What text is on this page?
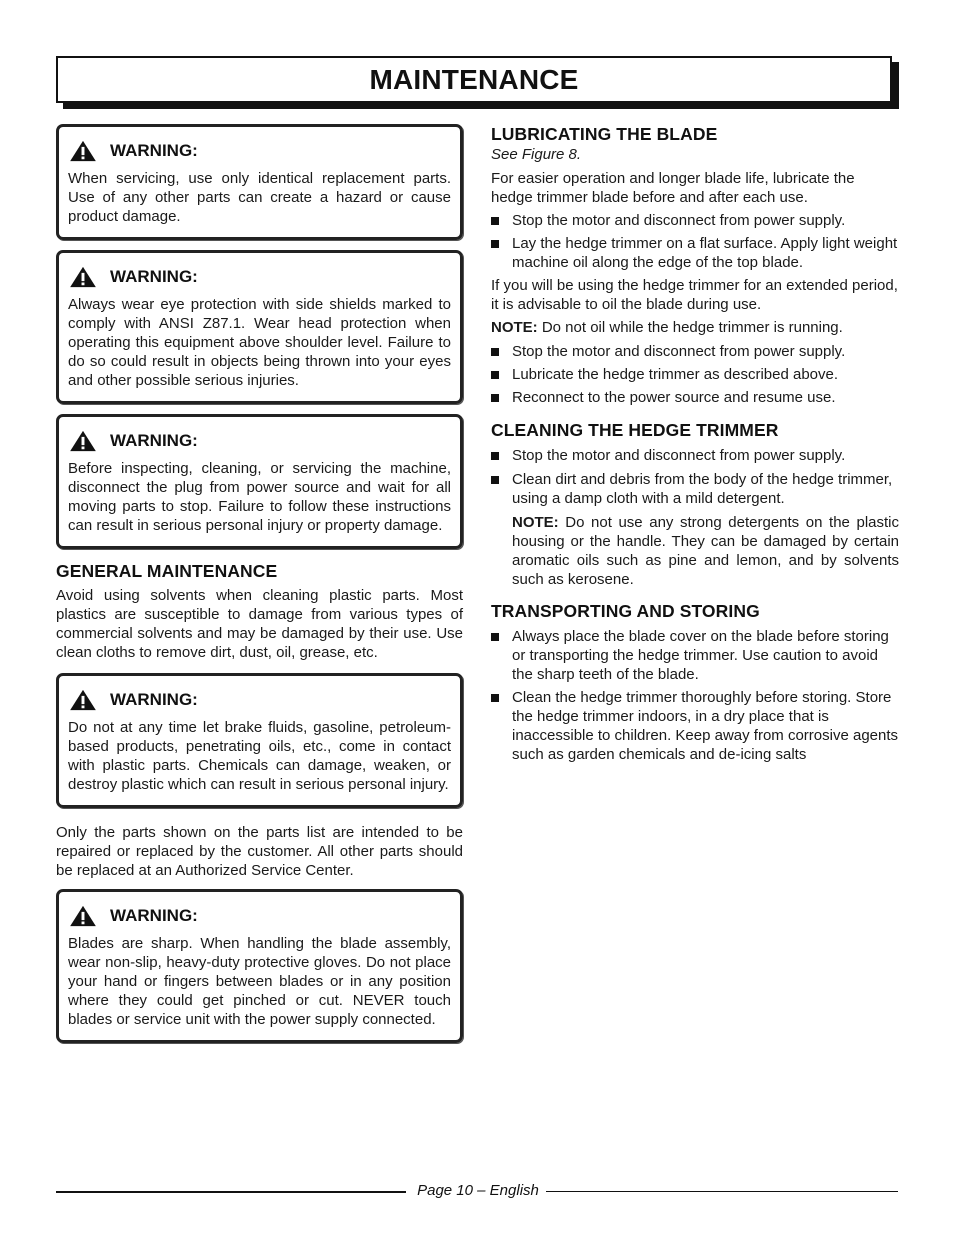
MAINTENANCE
WARNING:

When servicing, use only identical replacement parts. Use of any other parts can create a hazard or cause product damage.

WARNING:

Always wear eye protection with side shields marked to comply with ANSI Z87.1. Wear head protection when operating this equipment above shoulder level. Failure to do so could result in objects being thrown into your eyes and other possible serious injuries.

WARNING:

Before inspecting, cleaning, or servicing the machine, disconnect the plug from power source and wait for all moving parts to stop. Failure to follow these instructions can result in serious personal injury or property damage.

GENERAL MAINTENANCE

Avoid using solvents when cleaning plastic parts. Most plastics are susceptible to damage from various types of commercial solvents and may be damaged by their use. Use clean cloths to remove dirt, dust, oil, grease, etc.

WARNING:

Do not at any time let brake fluids, gasoline, petroleum-based products, penetrating oils, etc., come in contact with plastic parts. Chemicals can damage, weaken, or destroy plastic which can result in serious personal injury.

Only the parts shown on the parts list are intended to be repaired or replaced by the customer. All other parts should be replaced at an Authorized Service Center.

WARNING:

Blades are sharp. When handling the blade assembly, wear non-slip, heavy-duty protective gloves. Do not place your hand or fingers between blades or in any position where they could get pinched or cut. NEVER touch blades or service unit with the power supply connected.

LUBRICATING THE BLADE

See Figure 8.

For easier operation and longer blade life, lubricate the hedge trimmer blade before and after each use.

Stop the motor and disconnect from power supply.
Lay the hedge trimmer on a flat surface. Apply light weight machine oil along the edge of the top blade.

If you will be using the hedge trimmer for an extended period, it is advisable to oil the blade during use.

NOTE: Do not oil while the hedge trimmer is running.

Stop the motor and disconnect from power supply.
Lubricate the hedge trimmer as described above.
Reconnect to the power source and resume use.
CLEANING THE HEDGE TRIMMER
Stop the motor and disconnect from power supply.
Clean dirt and debris from the body of the hedge trimmer, using a damp cloth with a mild detergent.

NOTE: Do not use any strong detergents on the plastic housing or the handle. They can be damaged by certain aromatic oils such as pine and lemon, and by solvents such as kerosene.

TRANSPORTING AND STORING
Always place the blade cover on the blade before storing or transporting the hedge trimmer. Use caution to avoid the sharp teeth of the blade.
Clean the hedge trimmer thoroughly before storing. Store the hedge trimmer indoors, in a dry place that is inaccessible to children. Keep away from corrosive agents such as garden chemicals and de-icing salts
Page 10 – English
